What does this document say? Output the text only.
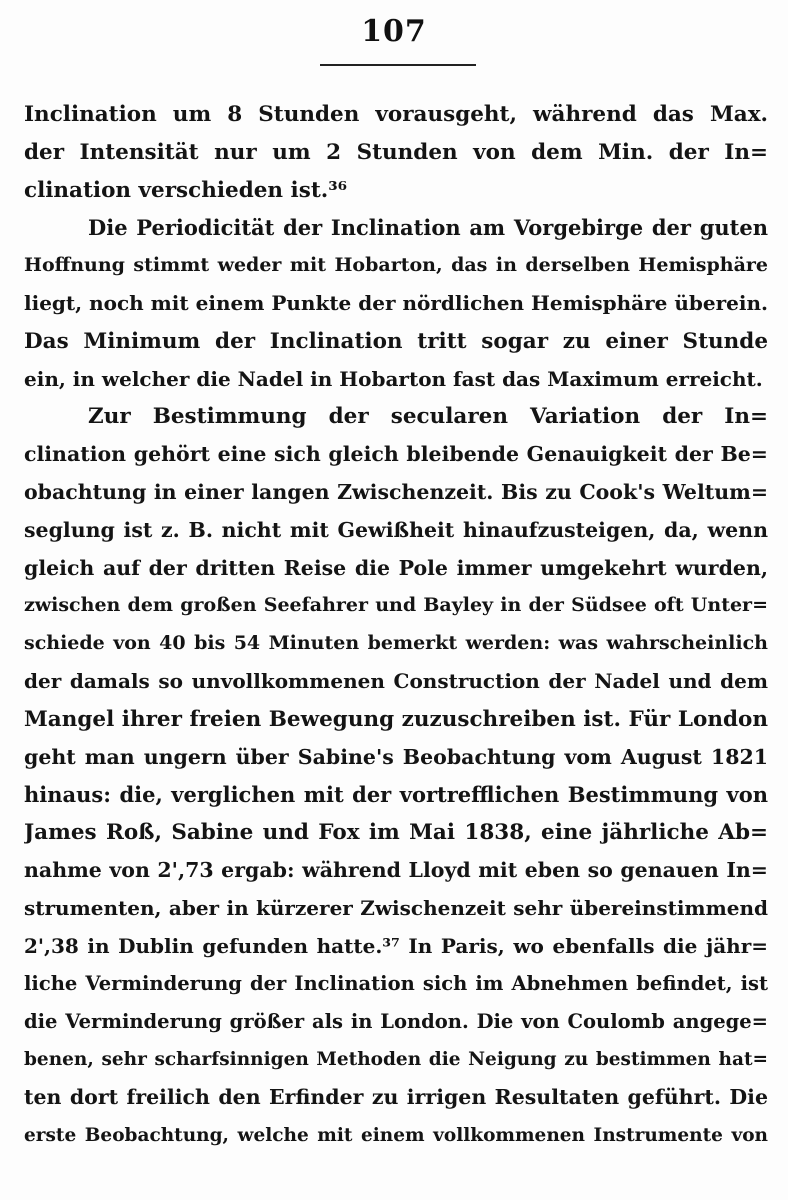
107
Inclination um 8 Stunden vorausgeht, während das Max.
der Intensität nur um 2 Stunden von dem Min. der In=
clination verschieden ist.³⁶
Die Periodicität der Inclination am Vorgebirge der guten
Hoffnung stimmt weder mit Hobarton, das in derselben Hemisphäre
liegt, noch mit einem Punkte der nördlichen Hemisphäre überein.
Das Minimum der Inclination tritt sogar zu einer Stunde
ein, in welcher die Nadel in Hobarton fast das Maximum erreicht.
Zur Bestimmung der secularen Variation der In=
clination gehört eine sich gleich bleibende Genauigkeit der Be=
obachtung in einer langen Zwischenzeit. Bis zu Cook's Weltum=
seglung ist z. B. nicht mit Gewißheit hinaufzusteigen, da, wenn
gleich auf der dritten Reise die Pole immer umgekehrt wurden,
zwischen dem großen Seefahrer und Bayley in der Südsee oft Unter=
schiede von 40 bis 54 Minuten bemerkt werden: was wahrscheinlich
der damals so unvollkommenen Construction der Nadel und dem
Mangel ihrer freien Bewegung zuzuschreiben ist. Für London
geht man ungern über Sabine's Beobachtung vom August 1821
hinaus: die, verglichen mit der vortrefflichen Bestimmung von
James Roß, Sabine und Fox im Mai 1838, eine jährliche Ab=
nahme von 2',73 ergab: während Lloyd mit eben so genauen In=
strumenten, aber in kürzerer Zwischenzeit sehr übereinstimmend
2',38 in Dublin gefunden hatte.³⁷ In Paris, wo ebenfalls die jähr=
liche Verminderung der Inclination sich im Abnehmen befindet, ist
die Verminderung größer als in London. Die von Coulomb angege=
benen, sehr scharfsinnigen Methoden die Neigung zu bestimmen hat=
ten dort freilich den Erfinder zu irrigen Resultaten geführt. Die
erste Beobachtung, welche mit einem vollkommenen Instrumente von
